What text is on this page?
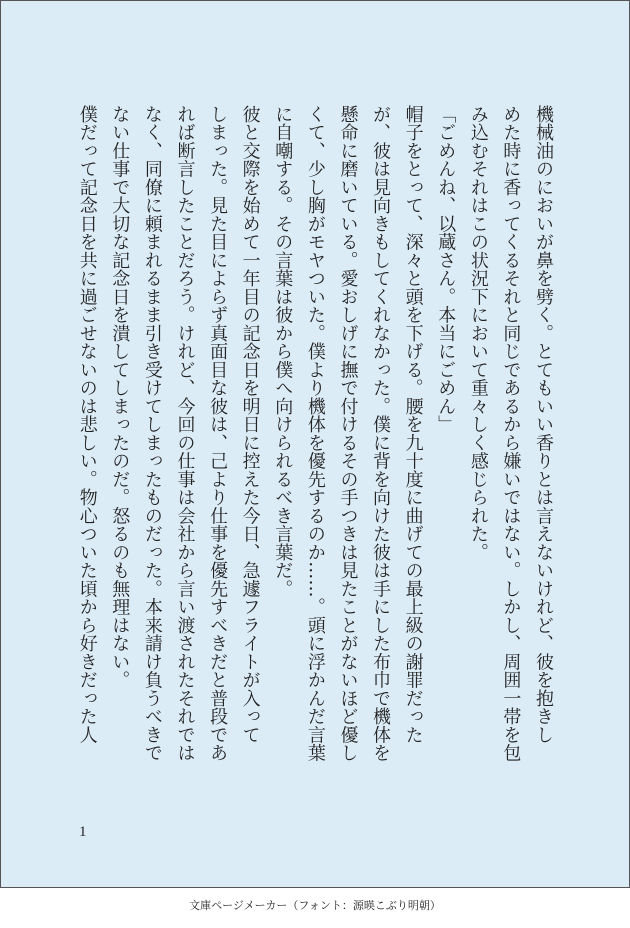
機械油のにおいが鼻を劈く。とてもいい香りとは言えないけれど、彼を抱きし
めた時に香ってくるそれと同じであるから嫌いではない。しかし、周囲一帯を包
み込むそれはこの状況下において重々しく感じられた。
「ごめんね、以蔵さん。本当にごめん」
帽子をとって、深々と頭を下げる。腰を九十度に曲げての最上級の謝罪だった
が、彼は見向きもしてくれなかった。僕に背を向けた彼は手にした布巾で機体を
懸命に磨いている。愛おしげに撫で付けるその手つきは見たことがないほど優し
くて、少し胸がモヤついた。僕より機体を優先するのか……。頭に浮かんだ言葉
に自嘲する。その言葉は彼から僕へ向けられるべき言葉だ。
彼と交際を始めて一年目の記念日を明日に控えた今日、急遽フライトが入って
しまった。見た目によらず真面目な彼は、己より仕事を優先すべきだと普段であ
れば断言したことだろう。けれど、今回の仕事は会社から言い渡されたそれでは
なく、同僚に頼まれるまま引き受けてしまったものだった。本来請け負うべきで
ない仕事で大切な記念日を潰してしまったのだ。怒るのも無理はない。
僕だって記念日を共に過ごせないのは悲しい。物心ついた頃から好きだった人
1
文庫ページメーカー（フォント：源暎こぶり明朝）
